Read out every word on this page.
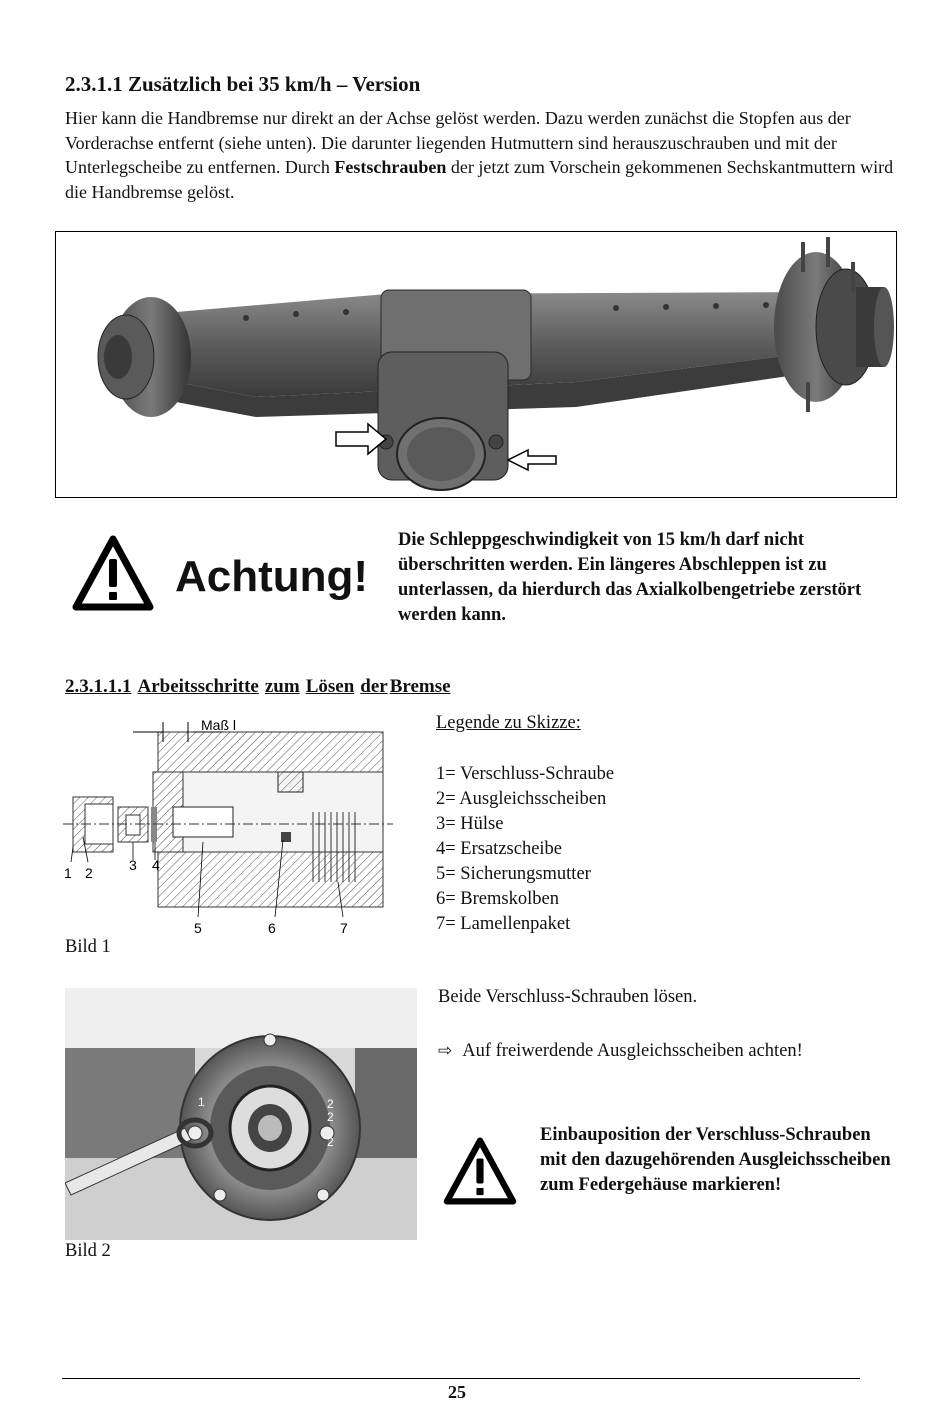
2.3.1.1 Zusätzlich bei 35 km/h – Version

Hier kann die Handbremse nur direkt an der Achse gelöst werden. Dazu werden zunächst die Stopfen aus der Vorderachse entfernt (siehe unten). Die darunter liegenden Hutmuttern sind herauszuschrauben und mit der Unterlegscheibe zu entfernen. Durch Festschrauben der jetzt zum Vorschein gekommenen Sechskantmuttern wird die Handbremse gelöst.

Achtung!

Die Schleppgeschwindigkeit von 15 km/h darf nicht überschritten werden. Ein längeres Abschleppen ist zu unterlassen, da hierdurch das Axialkolbengetriebe zerstört werden kann.

2.3.1.1.1 Arbeitsschritte zum Lösen der Bremse
Maß l
1 2	3 4
5	6	7

Bild 1

Legende zu Skizze:

1= Verschluss-Schraube
2= Ausgleichsscheiben
3= Hülse
4= Ersatzscheibe
5= Sicherungsmutter
6= Bremskolben
7= Lamellenpaket
1	2
2
2

Bild 2

Beide Verschluss-Schrauben lösen.

⇨ Auf freiwerdende Ausgleichsscheiben achten!

Einbauposition der Verschluss-Schrauben mit den dazugehörenden Ausgleichsscheiben zum Federgehäuse markieren!

25
